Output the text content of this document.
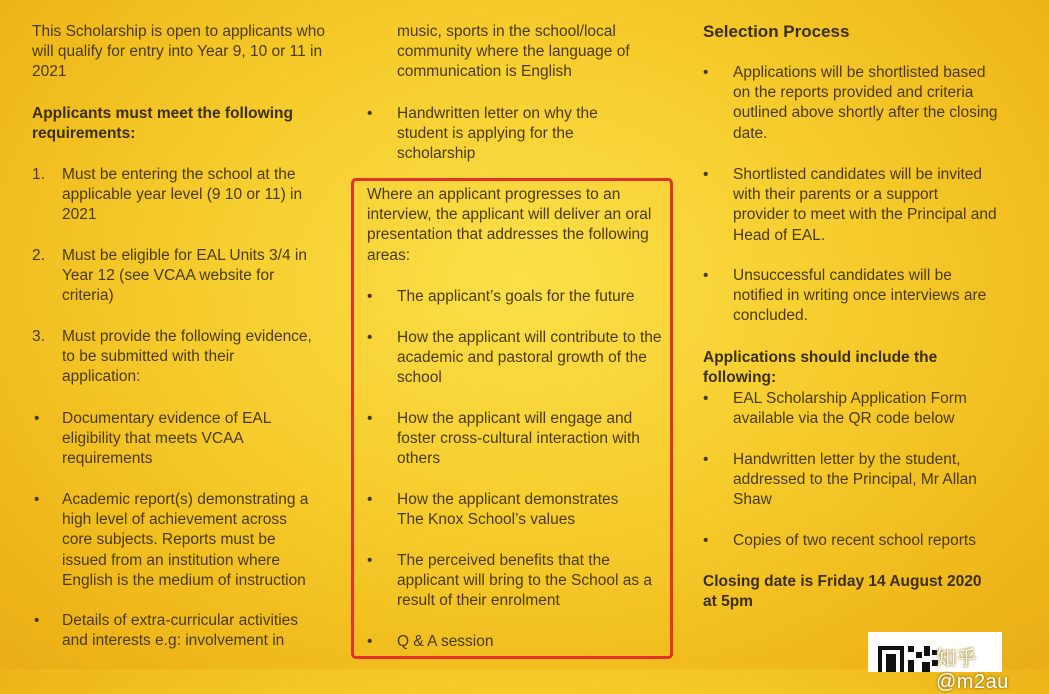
This Scholarship is open to applicants who will qualify for entry into Year 9, 10 or 11 in 2021

Applicants must meet the following requirements:

1. Must be entering the school at the applicable year level (9 10 or 11) in 2021

2. Must be eligible for EAL Units 3/4 in Year 12 (see VCAA website for criteria)

3. Must provide the following evidence, to be submitted with their application:

• Documentary evidence of EAL eligibility that meets VCAA requirements

• Academic report(s) demonstrating a high level of achievement across core subjects. Reports must be issued from an institution where English is the medium of instruction

• Details of extra-curricular activities and interests e.g: involvement in

music, sports in the school/local community where the language of communication is English

• Handwritten letter on why the student is applying for the scholarship

Where an applicant progresses to an interview, the applicant will deliver an oral presentation that addresses the following areas:

• The applicant’s goals for the future

• How the applicant will contribute to the academic and pastoral growth of the school

• How the applicant will engage and foster cross-cultural interaction with others

• How the applicant demonstrates The Knox School’s values

• The perceived benefits that the applicant will bring to the School as a result of their enrolment

• Q & A session

Selection Process

• Applications will be shortlisted based on the reports provided and criteria outlined above shortly after the closing date.

• Shortlisted candidates will be invited with their parents or a support provider to meet with the Principal and Head of EAL.

• Unsuccessful candidates will be notified in writing once interviews are concluded.

Applications should include the following:

• EAL Scholarship Application Form available via the QR code below

• Handwritten letter by the student, addressed to the Principal, Mr Allan Shaw

• Copies of two recent school reports

Closing date is Friday 14 August 2020 at 5pm

知乎 @m2au
